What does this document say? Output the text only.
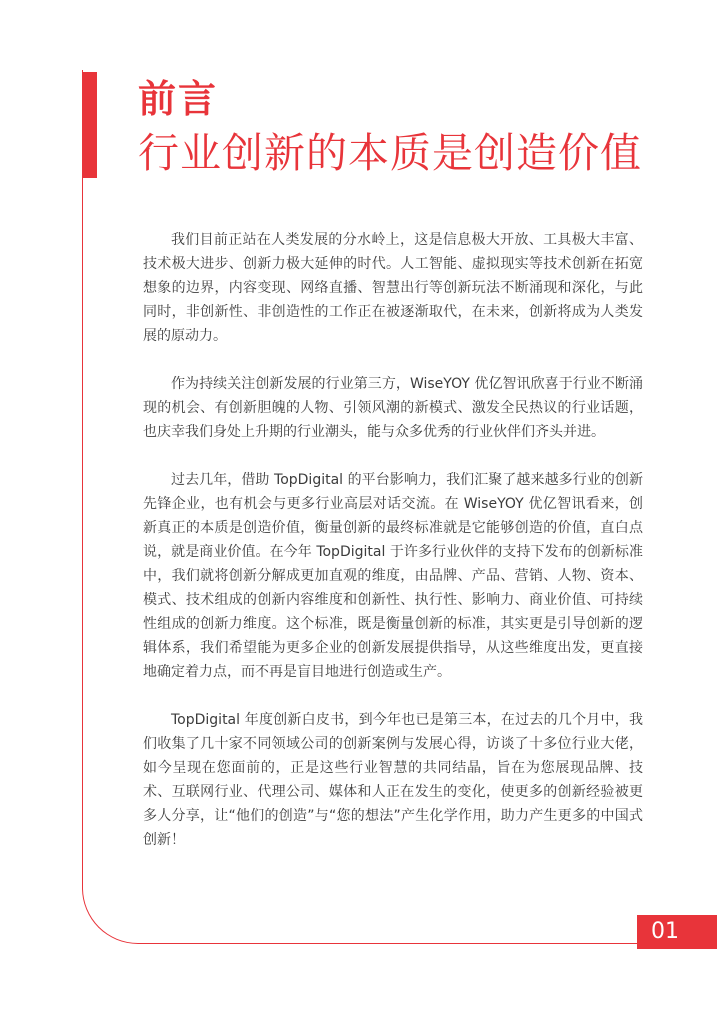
前言
行业创新的本质是创造价值

我们目前正站在人类发展的分水岭上，这是信息极大开放、工具极大丰富、技术极大进步、创新力极大延伸的时代。人工智能、虚拟现实等技术创新在拓宽想象的边界，内容变现、网络直播、智慧出行等创新玩法不断涌现和深化，与此同时，非创新性、非创造性的工作正在被逐渐取代，在未来，创新将成为人类发展的原动力。

作为持续关注创新发展的行业第三方，WiseYOY 优亿智讯欣喜于行业不断涌现的机会、有创新胆魄的人物、引领风潮的新模式、激发全民热议的行业话题，也庆幸我们身处上升期的行业潮头，能与众多优秀的行业伙伴们齐头并进。

过去几年，借助 TopDigital 的平台影响力，我们汇聚了越来越多行业的创新先锋企业，也有机会与更多行业高层对话交流。在 WiseYOY 优亿智讯看来，创新真正的本质是创造价值，衡量创新的最终标准就是它能够创造的价值，直白点说，就是商业价值。在今年 TopDigital 于许多行业伙伴的支持下发布的创新标准中，我们就将创新分解成更加直观的维度，由品牌、产品、营销、人物、资本、模式、技术组成的创新内容维度和创新性、执行性、影响力、商业价值、可持续性组成的创新力维度。这个标准，既是衡量创新的标准，其实更是引导创新的逻辑体系，我们希望能为更多企业的创新发展提供指导，从这些维度出发，更直接地确定着力点，而不再是盲目地进行创造或生产。

TopDigital 年度创新白皮书，到今年也已是第三本，在过去的几个月中，我们收集了几十家不同领域公司的创新案例与发展心得，访谈了十多位行业大佬，如今呈现在您面前的，正是这些行业智慧的共同结晶，旨在为您展现品牌、技术、互联网行业、代理公司、媒体和人正在发生的变化，使更多的创新经验被更多人分享，让“他们的创造”与“您的想法”产生化学作用，助力产生更多的中国式创新！

01
